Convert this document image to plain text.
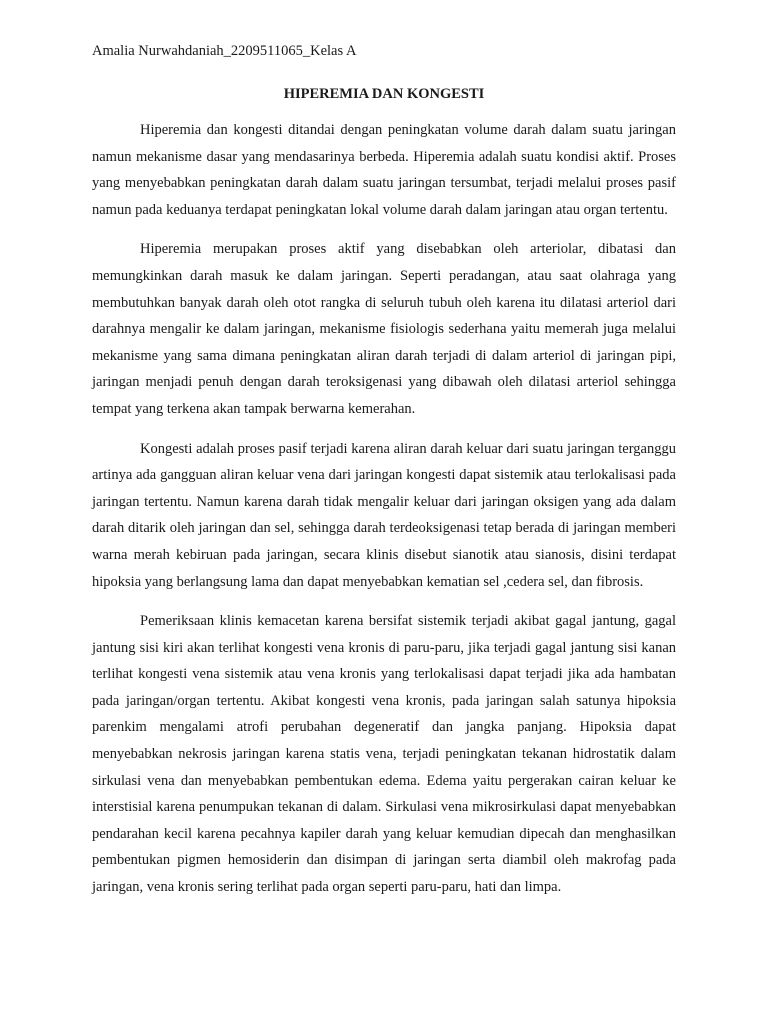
Amalia Nurwahdaniah_2209511065_Kelas A
HIPEREMIA DAN KONGESTI

Hiperemia dan kongesti ditandai dengan peningkatan volume darah dalam suatu jaringan namun mekanisme dasar yang mendasarinya berbeda. Hiperemia adalah suatu kondisi aktif. Proses yang menyebabkan peningkatan darah dalam suatu jaringan tersumbat, terjadi melalui proses pasif namun pada keduanya terdapat peningkatan lokal volume darah dalam jaringan atau organ tertentu.

Hiperemia merupakan proses aktif yang disebabkan oleh arteriolar, dibatasi dan memungkinkan darah masuk ke dalam jaringan. Seperti peradangan, atau saat olahraga yang membutuhkan banyak darah oleh otot rangka di seluruh tubuh oleh karena itu dilatasi arteriol dari darahnya mengalir ke dalam jaringan, mekanisme fisiologis sederhana yaitu memerah juga melalui mekanisme yang sama dimana peningkatan aliran darah terjadi di dalam arteriol di jaringan pipi, jaringan menjadi penuh dengan darah teroksigenasi yang dibawah oleh dilatasi arteriol sehingga tempat yang terkena akan tampak berwarna kemerahan.

Kongesti adalah proses pasif terjadi karena aliran darah keluar dari suatu jaringan terganggu artinya ada gangguan aliran keluar vena dari jaringan kongesti dapat sistemik atau terlokalisasi pada jaringan tertentu. Namun karena darah tidak mengalir keluar dari jaringan oksigen yang ada dalam darah ditarik oleh jaringan dan sel, sehingga darah terdeoksigenasi tetap berada di jaringan memberi warna merah kebiruan pada jaringan, secara klinis disebut sianotik atau sianosis, disini terdapat hipoksia yang berlangsung lama dan dapat menyebabkan kematian sel ,cedera sel, dan fibrosis.

Pemeriksaan klinis kemacetan karena bersifat sistemik terjadi akibat gagal jantung, gagal jantung sisi kiri akan terlihat kongesti vena kronis di paru-paru, jika terjadi gagal jantung sisi kanan terlihat kongesti vena sistemik atau vena kronis yang terlokalisasi dapat terjadi jika ada hambatan pada jaringan/organ tertentu. Akibat kongesti vena kronis, pada jaringan salah satunya hipoksia parenkim mengalami atrofi perubahan degeneratif dan jangka panjang. Hipoksia dapat menyebabkan nekrosis jaringan karena statis vena, terjadi peningkatan tekanan hidrostatik dalam sirkulasi vena dan menyebabkan pembentukan edema. Edema yaitu pergerakan cairan keluar ke interstisial karena penumpukan tekanan di dalam. Sirkulasi vena mikrosirkulasi dapat menyebabkan pendarahan kecil karena pecahnya kapiler darah yang keluar kemudian dipecah dan menghasilkan pembentukan pigmen hemosiderin dan disimpan di jaringan serta diambil oleh makrofag pada jaringan, vena kronis sering terlihat pada organ seperti paru-paru, hati dan limpa.
